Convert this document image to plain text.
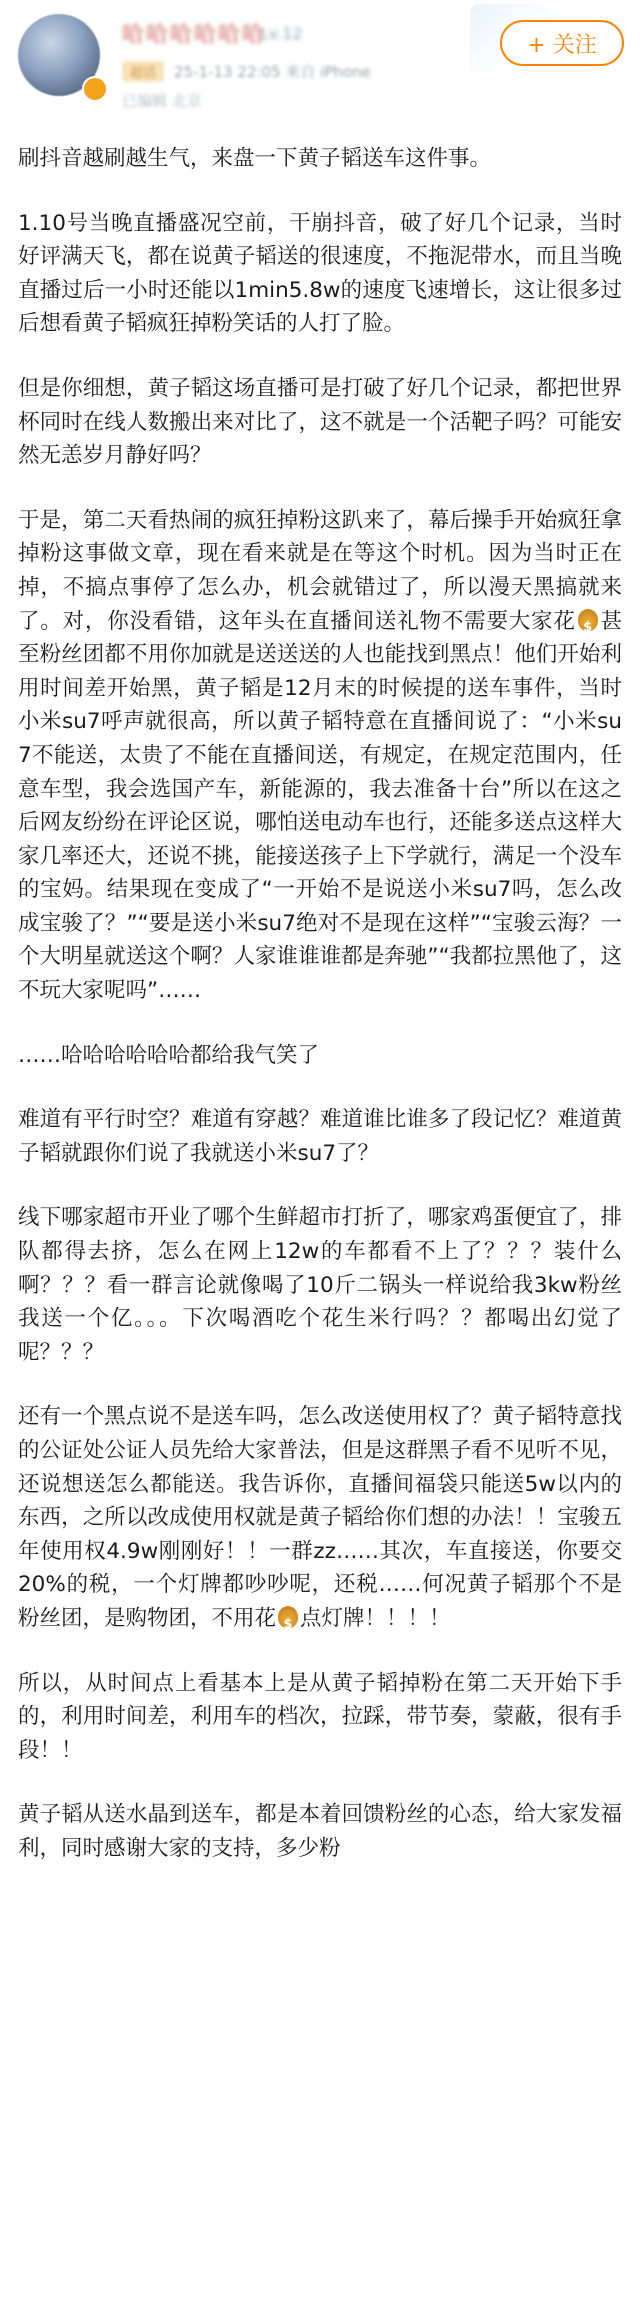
哈哈哈哈哈哈
Lv.12
超话	25-1-13 22:05 来自 iPhone
已编辑 北京
+ 关注

刷抖音越刷越生气，来盘一下黄子韬送车这件事。

1.10号当晚直播盛况空前，干崩抖音，破了好几个记录，当时好评满天飞，都在说黄子韬送的很速度，不拖泥带水，而且当晚直播过后一小时还能以1min5.8w的速度飞速增长，这让很多过后想看黄子韬疯狂掉粉笑话的人打了脸。

但是你细想，黄子韬这场直播可是打破了好几个记录，都把世界杯同时在线人数搬出来对比了，这不就是一个活靶子吗？可能安然无恙岁月静好吗？

于是，第二天看热闹的疯狂掉粉这趴来了，幕后操手开始疯狂拿掉粉这事做文章，现在看来就是在等这个时机。因为当时正在掉，不搞点事停了怎么办，机会就错过了，所以漫天黑搞就来了。对，你没看错，这年头在直播间送礼物不需要大家花 $ 甚至粉丝团都不用你加就是送送送的人也能找到黑点！他们开始利用时间差开始黑，黄子韬是12月末的时候提的送车事件，当时小米su7呼声就很高，所以黄子韬特意在直播间说了：“小米su7不能送，太贵了不能在直播间送，有规定，在规定范围内，任意车型，我会选国产车，新能源的，我去准备十台”所以在这之后网友纷纷在评论区说，哪怕送电动车也行，还能多送点这样大家几率还大，还说不挑，能接送孩子上下学就行，满足一个没车的宝妈。结果现在变成了“一开始不是说送小米su7吗，怎么改成宝骏了？”“要是送小米su7绝对不是现在这样”“宝骏云海？一个大明星就送这个啊？人家谁谁谁都是奔驰”“我都拉黑他了，这不玩大家呢吗”……

……哈哈哈哈哈哈都给我气笑了

难道有平行时空？难道有穿越？难道谁比谁多了段记忆？难道黄子韬就跟你们说了我就送小米su7了？

线下哪家超市开业了哪个生鲜超市打折了，哪家鸡蛋便宜了，排队都得去挤，怎么在网上12w的车都看不上了？？？装什么啊？？？看一群言论就像喝了10斤二锅头一样说给我3kw粉丝我送一个亿。。。下次喝酒吃个花生米行吗？？都喝出幻觉了呢？？？

还有一个黑点说不是送车吗，怎么改送使用权了？黄子韬特意找的公证处公证人员先给大家普法，但是这群黑子看不见听不见，还说想送怎么都能送。我告诉你，直播间福袋只能送5w以内的东西，之所以改成使用权就是黄子韬给你们想的办法！！宝骏五年使用权4.9w刚刚好！！一群zz……其次，车直接送，你要交20%的税，一个灯牌都吵吵呢，还税……何况黄子韬那个不是粉丝团，是购物团，不用花 $ 点灯牌！！！！

所以，从时间点上看基本上是从黄子韬掉粉在第二天开始下手的，利用时间差，利用车的档次，拉踩，带节奏，蒙蔽，很有手段！！

黄子韬从送水晶到送车，都是本着回馈粉丝的心态，给大家发福利，同时感谢大家的支持，多少粉
